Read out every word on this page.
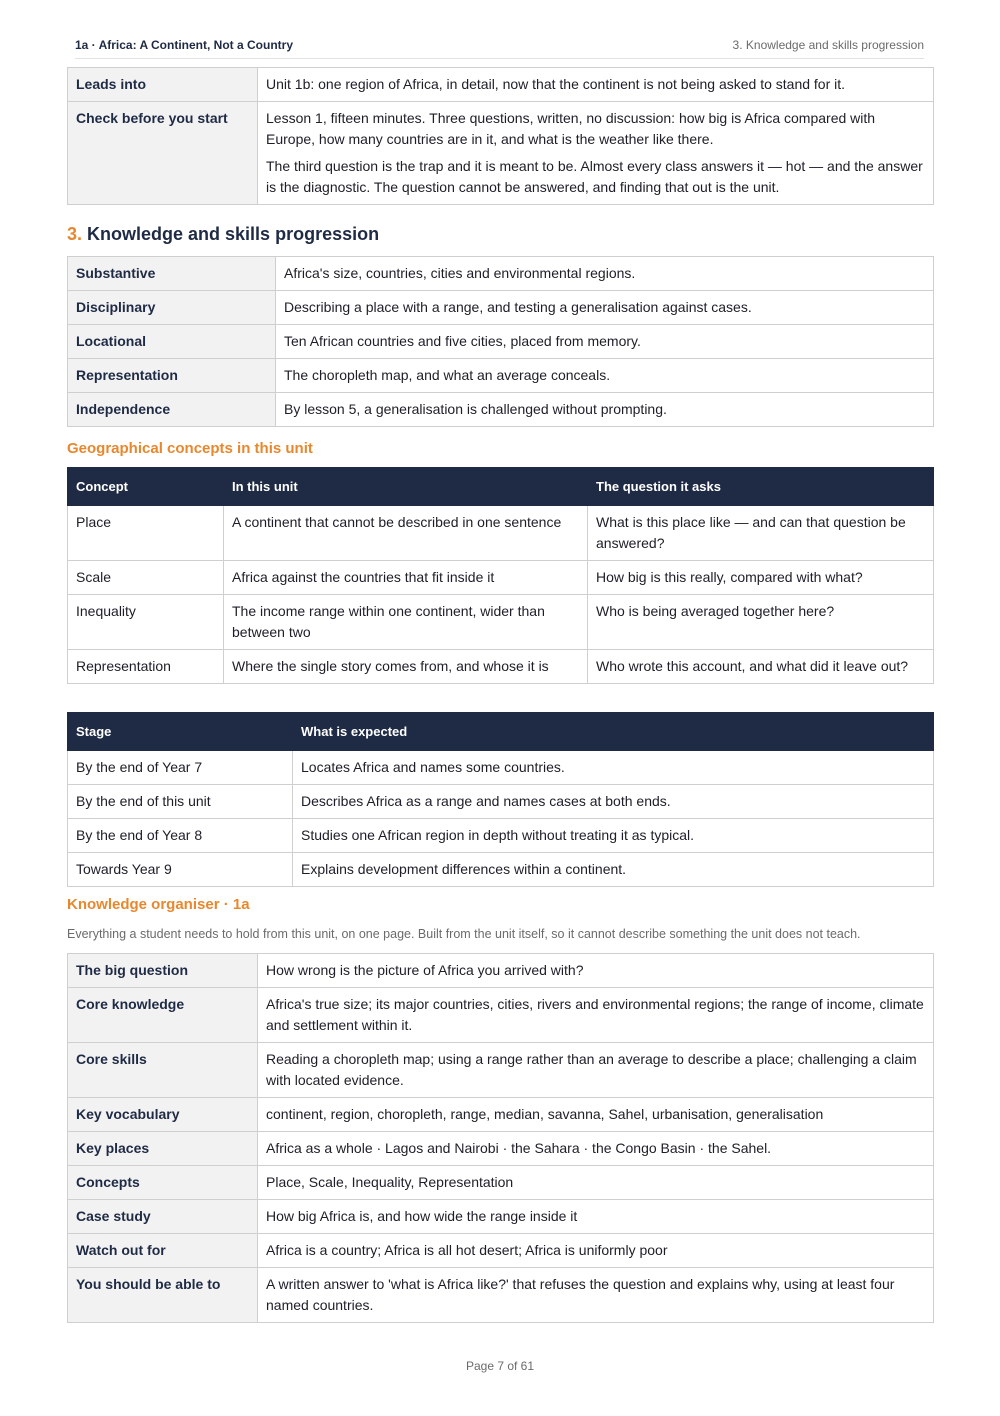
1a · Africa: A Continent, Not a Country	3. Knowledge and skills progression
Leads into	Unit 1b: one region of Africa, in detail, now that the continent is not being asked to stand for it.

Check before you start	Lesson 1, fifteen minutes. Three questions, written, no discussion: how big is Africa compared with Europe, how many countries are in it, and what is the weather like there.

The third question is the trap and it is meant to be. Almost every class answers it — hot — and the answer is the diagnostic. The question cannot be answered, and finding that out is the unit.

3. Knowledge and skills progression
Substantive	Africa's size, countries, cities and environmental regions.
Disciplinary	Describing a place with a range, and testing a generalisation against cases.
Locational	Ten African countries and five cities, placed from memory.
Representation	The choropleth map, and what an average conceals.
Independence	By lesson 5, a generalisation is challenged without prompting.
Geographical concepts in this unit
Concept	In this unit	The question it asks
Place	A continent that cannot be described in one sentence	What is this place like — and can that question be answered?
Scale	Africa against the countries that fit inside it	How big is this really, compared with what?
Inequality	The income range within one continent, wider than between two	Who is being averaged together here?
Representation	Where the single story comes from, and whose it is	Who wrote this account, and what did it leave out?
Stage	What is expected
By the end of Year 7	Locates Africa and names some countries.
By the end of this unit	Describes Africa as a range and names cases at both ends.
By the end of Year 8	Studies one African region in depth without treating it as typical.
Towards Year 9	Explains development differences within a continent.
Knowledge organiser · 1a

Everything a student needs to hold from this unit, on one page. Built from the unit itself, so it cannot describe something the unit does not teach.

The big question	How wrong is the picture of Africa you arrived with?
Core knowledge	Africa's true size; its major countries, cities, rivers and environmental regions; the range of income, climate and settlement within it.
Core skills	Reading a choropleth map; using a range rather than an average to describe a place; challenging a claim with located evidence.
Key vocabulary	continent, region, choropleth, range, median, savanna, Sahel, urbanisation, generalisation
Key places	Africa as a whole · Lagos and Nairobi · the Sahara · the Congo Basin · the Sahel.
Concepts	Place, Scale, Inequality, Representation
Case study	How big Africa is, and how wide the range inside it
Watch out for	Africa is a country; Africa is all hot desert; Africa is uniformly poor
You should be able to	A written answer to 'what is Africa like?' that refuses the question and explains why, using at least four named countries.
Page 7 of 61
